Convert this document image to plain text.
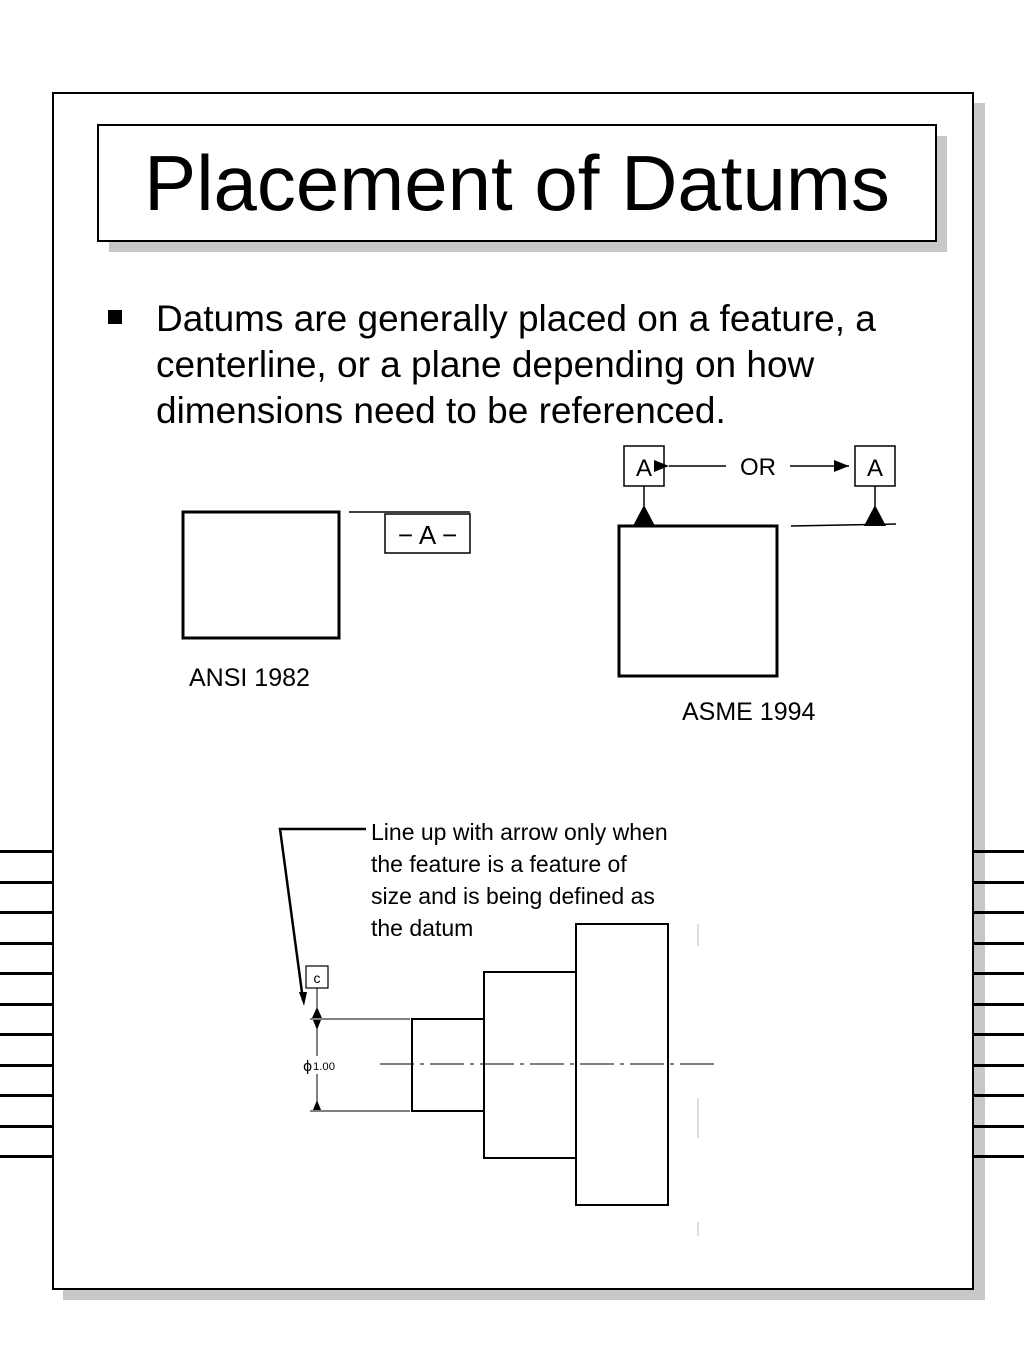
Placement of Datums
Datums are generally placed on a feature, a centerline, or a plane depending on how dimensions need to be referenced.
− A −
ANSI 1982
A	A
OR
ASME 1994
Line up with arrow only when
the feature is a feature of
size and is being defined as
the datum
c
ϕ 1.00
